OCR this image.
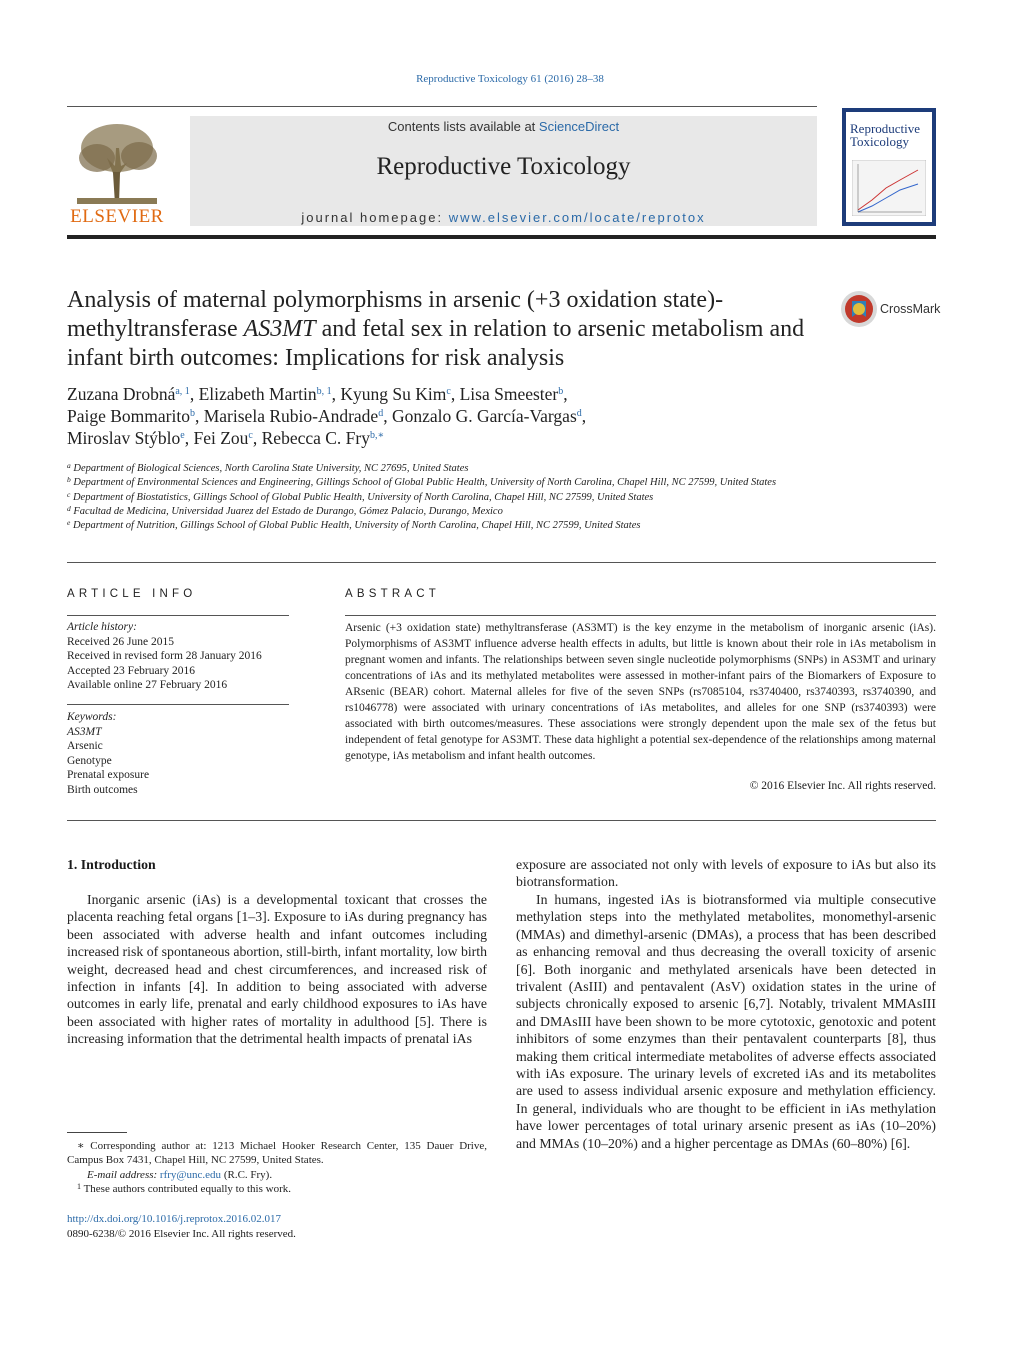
Reproductive Toxicology 61 (2016) 28–38
ELSEVIER
Contents lists available at ScienceDirect
Reproductive Toxicology
journal homepage: www.elsevier.com/locate/reprotox
Reproductive
Toxicology
Analysis of maternal polymorphisms in arsenic (+3 oxidation state)-methyltransferase AS3MT and fetal sex in relation to arsenic metabolism and infant birth outcomes: Implications for risk analysis
CrossMark
Zuzana Drobná$^{a, 1}$, Elizabeth Martin$^{b, 1}$, Kyung Su Kim$^c$, Lisa Smeester$^b$,
Paige Bommarito$^b$, Marisela Rubio-Andrade$^d$, Gonzalo G. García-Vargas$^d$,
Miroslav Stýblo$^e$, Fei Zou$^c$, Rebecca C. Fry$^{b,∗}$
$^a$ Department of Biological Sciences, North Carolina State University, NC 27695, United States
$^b$ Department of Environmental Sciences and Engineering, Gillings School of Global Public Health, University of North Carolina, Chapel Hill, NC 27599, United States
$^c$ Department of Biostatistics, Gillings School of Global Public Health, University of North Carolina, Chapel Hill, NC 27599, United States
$^d$ Facultad de Medicina, Universidad Juarez del Estado de Durango, Gómez Palacio, Durango, Mexico
$^e$ Department of Nutrition, Gillings School of Global Public Health, University of North Carolina, Chapel Hill, NC 27599, United States
ARTICLE INFO
Article history:
Received 26 June 2015
Received in revised form 28 January 2016
Accepted 23 February 2016
Available online 27 February 2016
Keywords:
AS3MT
Arsenic
Genotype
Prenatal exposure
Birth outcomes
ABSTRACT
Arsenic (+3 oxidation state) methyltransferase (AS3MT) is the key enzyme in the metabolism of inorganic arsenic (iAs). Polymorphisms of AS3MT influence adverse health effects in adults, but little is known about their role in iAs metabolism in pregnant women and infants. The relationships between seven single nucleotide polymorphisms (SNPs) in AS3MT and urinary concentrations of iAs and its methylated metabolites were assessed in mother-infant pairs of the Biomarkers of Exposure to ARsenic (BEAR) cohort. Maternal alleles for five of the seven SNPs (rs7085104, rs3740400, rs3740393, rs3740390, and rs1046778) were associated with urinary concentrations of iAs metabolites, and alleles for one SNP (rs3740393) were associated with birth outcomes/measures. These associations were strongly dependent upon the male sex of the fetus but independent of fetal genotype for AS3MT. These data highlight a potential sex-dependence of the relationships among maternal genotype, iAs metabolism and infant health outcomes.
© 2016 Elsevier Inc. All rights reserved.
1. Introduction
Inorganic arsenic (iAs) is a developmental toxicant that crosses the placenta reaching fetal organs [1–3]. Exposure to iAs during pregnancy has been associated with adverse health and infant outcomes including increased risk of spontaneous abortion, still-birth, infant mortality, low birth weight, decreased head and chest circumferences, and increased risk of infection in infants [4]. In addition to being associated with adverse outcomes in early life, prenatal and early childhood exposures to iAs have been associated with higher rates of mortality in adulthood [5]. There is increasing information that the detrimental health impacts of prenatal iAs
exposure are associated not only with levels of exposure to iAs but also its biotransformation.
In humans, ingested iAs is biotransformed via multiple consecutive methylation steps into the methylated metabolites, monomethyl-arsenic (MMAs) and dimethyl-arsenic (DMAs), a process that has been described as enhancing removal and thus decreasing the overall toxicity of arsenic [6]. Both inorganic and methylated arsenicals have been detected in trivalent (AsIII) and pentavalent (AsV) oxidation states in the urine of subjects chronically exposed to arsenic [6,7]. Notably, trivalent MMAsIII and DMAsIII have been shown to be more cytotoxic, genotoxic and potent inhibitors of some enzymes than their pentavalent counterparts [8], thus making them critical intermediate metabolites of adverse effects associated with iAs exposure. The urinary levels of excreted iAs and its metabolites are used to assess individual arsenic exposure and methylation efficiency. In general, individuals who are thought to be efficient in iAs methylation have lower percentages of total urinary arsenic present as iAs (10–20%) and MMAs (10–20%) and a higher percentage as DMAs (60–80%) [6].
∗ Corresponding author at: 1213 Michael Hooker Research Center, 135 Dauer Drive, Campus Box 7431, Chapel Hill, NC 27599, United States.
E-mail address: rfry@unc.edu (R.C. Fry).
$^1$ These authors contributed equally to this work.
http://dx.doi.org/10.1016/j.reprotox.2016.02.017
0890-6238/© 2016 Elsevier Inc. All rights reserved.
